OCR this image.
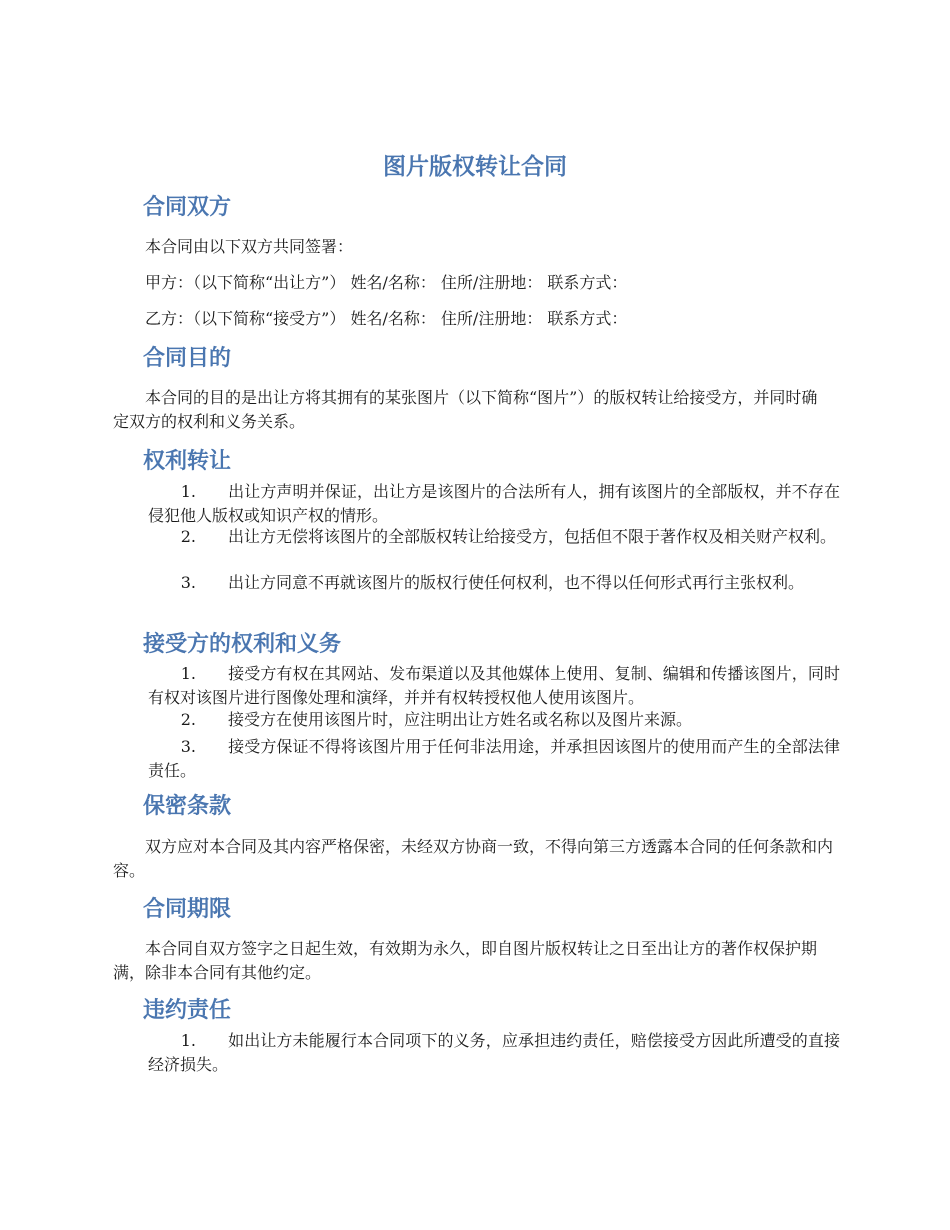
图片版权转让合同
合同双方

本合同由以下双方共同签署：

甲方：（以下简称“出让方”） 姓名/名称： 住所/注册地： 联系方式：

乙方：（以下简称“接受方”） 姓名/名称： 住所/注册地： 联系方式：

合同目的

本合同的目的是出让方将其拥有的某张图片（以下简称“图片”）的版权转让给接受方，并同时确定双方的权利和义务关系。

权利转让
1. 出让方声明并保证，出让方是该图片的合法所有人，拥有该图片的全部版权，并不存在侵犯他人版权或知识产权的情形。
2. 出让方无偿将该图片的全部版权转让给接受方，包括但不限于著作权及相关财产权利。
3. 出让方同意不再就该图片的版权行使任何权利，也不得以任何形式再行主张权利。
接受方的权利和义务
1. 接受方有权在其网站、发布渠道以及其他媒体上使用、复制、编辑和传播该图片，同时有权对该图片进行图像处理和演绎，并并有权转授权他人使用该图片。
2. 接受方在使用该图片时，应注明出让方姓名或名称以及图片来源。
3. 接受方保证不得将该图片用于任何非法用途，并承担因该图片的使用而产生的全部法律责任。
保密条款

双方应对本合同及其内容严格保密，未经双方协商一致，不得向第三方透露本合同的任何条款和内容。

合同期限

本合同自双方签字之日起生效，有效期为永久，即自图片版权转让之日至出让方的著作权保护期满，除非本合同有其他约定。

违约责任
1. 如出让方未能履行本合同项下的义务，应承担违约责任，赔偿接受方因此所遭受的直接经济损失。
